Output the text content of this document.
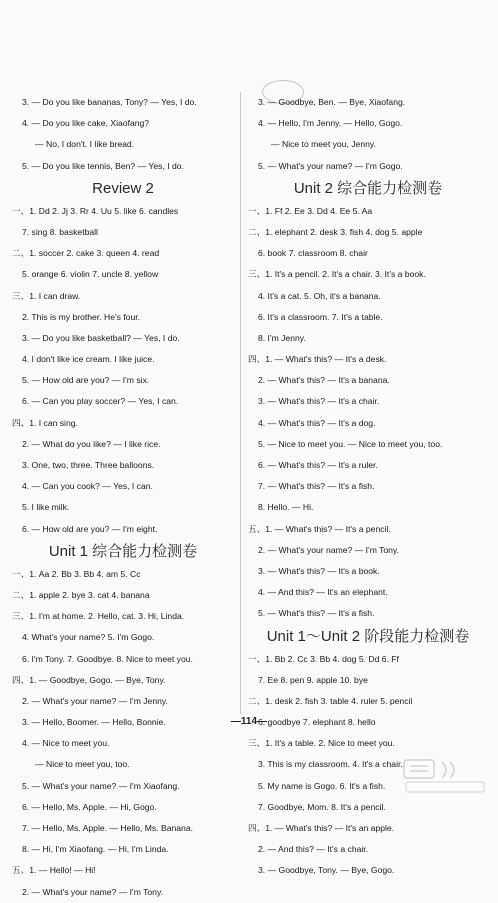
3. — Do you like bananas, Tony? — Yes, I do.
4. — Do you like cake, Xiaofang?
— No, I don't. I like bread.
5. — Do you like tennis, Ben? — Yes, I do.
Review 2
一、1. Dd 2. Jj 3. Rr 4. Uu 5. like 6. candles
7. sing 8. basketball
二、1. soccer 2. cake 3. queen 4. read
5. orange 6. violin 7. uncle 8. yellow
三、1. I can draw.
2. This is my brother. He's four.
3. — Do you like basketball? — Yes, I do.
4. I don't like ice cream. I like juice.
5. — How old are you? — I'm six.
6. — Can you play soccer? — Yes, I can.
四、1. I can sing.
2. — What do you like? — I like rice.
3. One, two, three. Three balloons.
4. — Can you cook? — Yes, I can.
5. I like milk.
6. — How old are you? — I'm eight.
Unit 1 综合能力检测卷
一、1. Aa 2. Bb 3. Bb 4. am 5. Cc
二、1. apple 2. bye 3. cat 4. banana
三、1. I'm at home. 2. Hello, cat. 3. Hi, Linda.
4. What's your name? 5. I'm Gogo.
6. I'm Tony. 7. Goodbye. 8. Nice to meet you.
四、1. — Goodbye, Gogo. — Bye, Tony.
2. — What's your name? — I'm Jenny.
3. — Hello, Boomer. — Hello, Bonnie.
4. — Nice to meet you.
— Nice to meet you, too.
5. — What's your name? — I'm Xiaofang.
6. — Hello, Ms. Apple. — Hi, Gogo.
7. — Hello, Ms. Apple. — Hello, Ms. Banana.
8. — Hi, I'm Xiaofang. — Hi, I'm Linda.
五、1. — Hello! — Hi!
2. — What's your name? — I'm Tony.
3. — Goodbye, Ben. — Bye, Xiaofang.
4. — Hello, I'm Jenny. — Hello, Gogo.
— Nice to meet you, Jenny.
5. — What's your name? — I'm Gogo.
Unit 2 综合能力检测卷
一、1. Ff 2. Ee 3. Dd 4. Ee 5. Aa
二、1. elephant 2. desk 3. fish 4. dog 5. apple
6. book 7. classroom 8. chair
三、1. It's a pencil. 2. It's a chair. 3. It's a book.
4. It's a cat. 5. Oh, it's a banana.
6. It's a classroom. 7. It's a table.
8. I'm Jenny.
四、1. — What's this? — It's a desk.
2. — What's this? — It's a banana.
3. — What's this? — It's a chair.
4. — What's this? — It's a dog.
5. — Nice to meet you. — Nice to meet you, too.
6. — What's this? — It's a ruler.
7. — What's this? — It's a fish.
8. Hello. — Hi.
五、1. — What's this? — It's a pencil.
2. — What's your name? — I'm Tony.
3. — What's this? — It's a book.
4. — And this? — It's an elephant.
5. — What's this? — It's a fish.
Unit 1～Unit 2 阶段能力检测卷
一、1. Bb 2. Cc 3. Bb 4. dog 5. Dd 6. Ff
7. Ee 8. pen 9. apple 10. bye
二、1. desk 2. fish 3. table 4. ruler 5. pencil
6. goodbye 7. elephant 8. hello
三、1. It's a table. 2. Nice to meet you.
3. This is my classroom. 4. It's a chair.
5. My name is Gogo. 6. It's a fish.
7. Goodbye, Mom. 8. It's a pencil.
四、1. — What's this? — It's an apple.
2. — And this? — It's a chair.
3. — Goodbye, Tony. — Bye, Gogo.
—114—
